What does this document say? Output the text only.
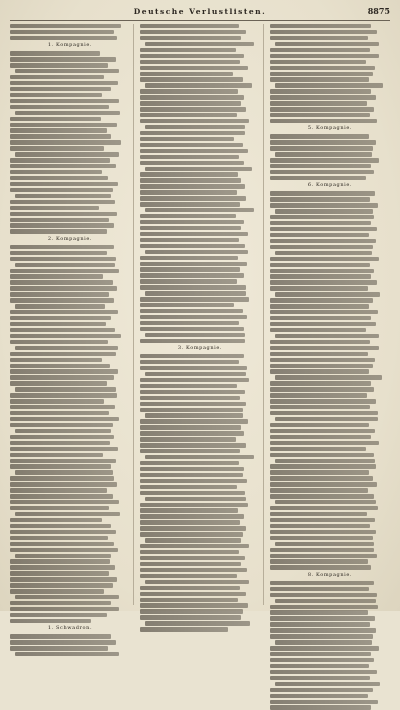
Deutsche Verlustlisten.	8875
1. Kompagnie.
2. Kompagnie.
1. Schwadron.
3. Kompagnie.
5. Kompagnie.
6. Kompagnie.
8. Kompagnie.
